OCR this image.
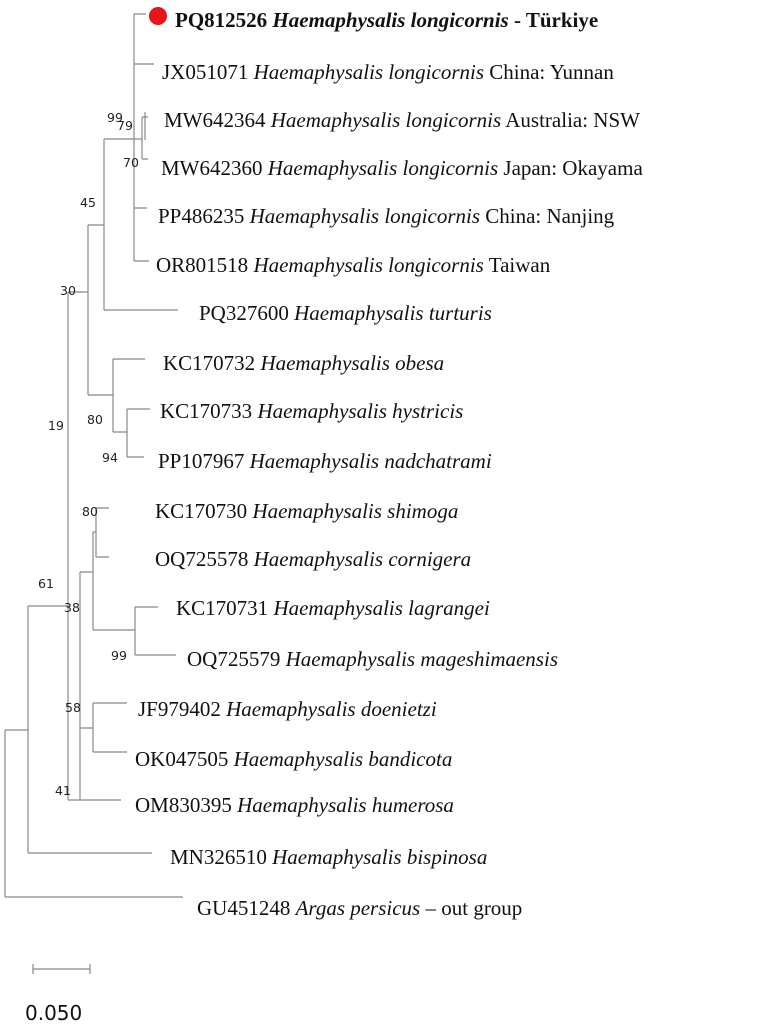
PQ812526 Haemaphysalis longicornis - Türkiye
JX051071 Haemaphysalis longicornis China: Yunnan
MW642364 Haemaphysalis longicornis Australia: NSW
MW642360 Haemaphysalis longicornis Japan: Okayama
PP486235 Haemaphysalis longicornis China: Nanjing
OR801518 Haemaphysalis longicornis Taiwan
PQ327600 Haemaphysalis turturis
KC170732 Haemaphysalis obesa
KC170733 Haemaphysalis hystricis
PP107967 Haemaphysalis nadchatrami
KC170730 Haemaphysalis shimoga
OQ725578 Haemaphysalis cornigera
KC170731 Haemaphysalis lagrangei
OQ725579 Haemaphysalis mageshimaensis
JF979402 Haemaphysalis doenietzi
OK047505 Haemaphysalis bandicota
OM830395 Haemaphysalis humerosa
MN326510 Haemaphysalis bispinosa
GU451248 Argas persicus – out group
99
79
70
45
30
80
94
19
80
38
99
61
58
41
0.050
